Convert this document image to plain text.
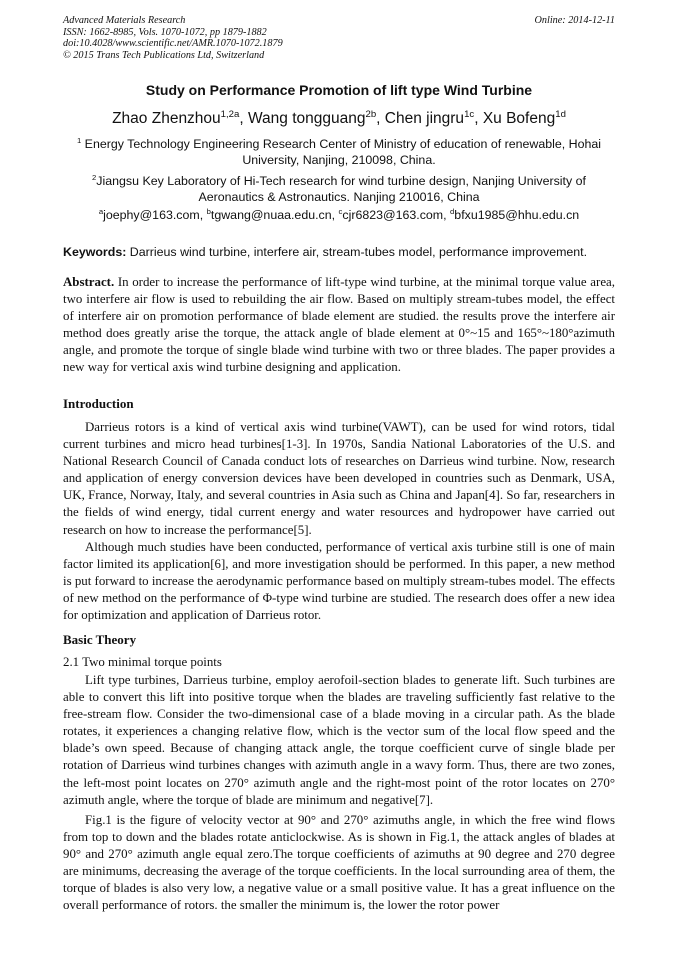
Advanced Materials Research
ISSN: 1662-8985, Vols. 1070-1072, pp 1879-1882
doi:10.4028/www.scientific.net/AMR.1070-1072.1879
© 2015 Trans Tech Publications Ltd, Switzerland
Online: 2014-12-11
Study on Performance Promotion of lift type Wind Turbine
Zhao Zhenzhou$^{1,2a}$, Wang tongguang$^{2b}$, Chen jingru$^{1c}$, Xu Bofeng$^{1d}$
$^1$ Energy Technology Engineering Research Center of Ministry of education of renewable, Hohai University, Nanjing, 210098, China.
$^2$Jiangsu Key Laboratory of Hi-Tech research for wind turbine design, Nanjing University of Aeronautics & Astronautics. Nanjing 210016, China
$^a$joephy@163.com, $^b$tgwang@nuaa.edu.cn, $^c$cjr6823@163.com, $^d$bfxu1985@hhu.edu.cn
Keywords: Darrieus wind turbine, interfere air, stream-tubes model, performance improvement.
Abstract. In order to increase the performance of lift-type wind turbine, at the minimal torque value area, two interfere air flow is used to rebuilding the air flow. Based on multiply stream-tubes model, the effect of interfere air on promotion performance of blade element are studied. the results prove the interfere air method does greatly arise the torque, the attack angle of blade element at 0°~15 and 165°~180°azimuth angle, and promote the torque of single blade wind turbine with two or three blades. The paper provides a new way for vertical axis wind turbine designing and application.
Introduction

Darrieus rotors is a kind of vertical axis wind turbine(VAWT), can be used for wind rotors, tidal current turbines and micro head turbines[1-3]. In 1970s, Sandia National Laboratories of the U.S. and National Research Council of Canada conduct lots of researches on Darrieus wind turbine. Now, research and application of energy conversion devices have been developed in countries such as Denmark, USA, UK, France, Norway, Italy, and several countries in Asia such as China and Japan[4]. So far, researchers in the fields of wind energy, tidal current energy and water resources and hydropower have carried out research on how to increase the performance[5].

Although much studies have been conducted, performance of vertical axis turbine still is one of main factor limited its application[6], and more investigation should be performed. In this paper, a new method is put forward to increase the aerodynamic performance based on multiply stream-tubes model. The effects of new method on the performance of Φ-type wind turbine are studied. The research does offer a new idea for optimization and application of Darrieus rotor.

Basic Theory
2.1 Two minimal torque points

Lift type turbines, Darrieus turbine, employ aerofoil-section blades to generate lift. Such turbines are able to convert this lift into positive torque when the blades are traveling sufficiently fast relative to the free-stream flow. Consider the two-dimensional case of a blade moving in a circular path. As the blade rotates, it experiences a changing relative flow, which is the vector sum of the local flow speed and the blade’s own speed. Because of changing attack angle, the torque coefficient curve of single blade per rotation of Darrieus wind turbines changes with azimuth angle in a wavy form. Thus, there are two zones, the left-most point locates on 270° azimuth angle and the right-most point of the rotor locates on 270° azimuth angle, where the torque of blade are minimum and negative[7].

Fig.1 is the figure of velocity vector at 90° and 270° azimuths angle, in which the free wind flows from top to down and the blades rotate anticlockwise. As is shown in Fig.1, the attack angles of blades at 90° and 270° azimuth angle equal zero.The torque coefficients of azimuths at 90 degree and 270 degree are minimums, decreasing the average of the torque coefficients. In the local surrounding area of them, the torque of blades is also very low, a negative value or a small positive value. It has a great influence on the overall performance of rotors. the smaller the minimum is, the lower the rotor power
